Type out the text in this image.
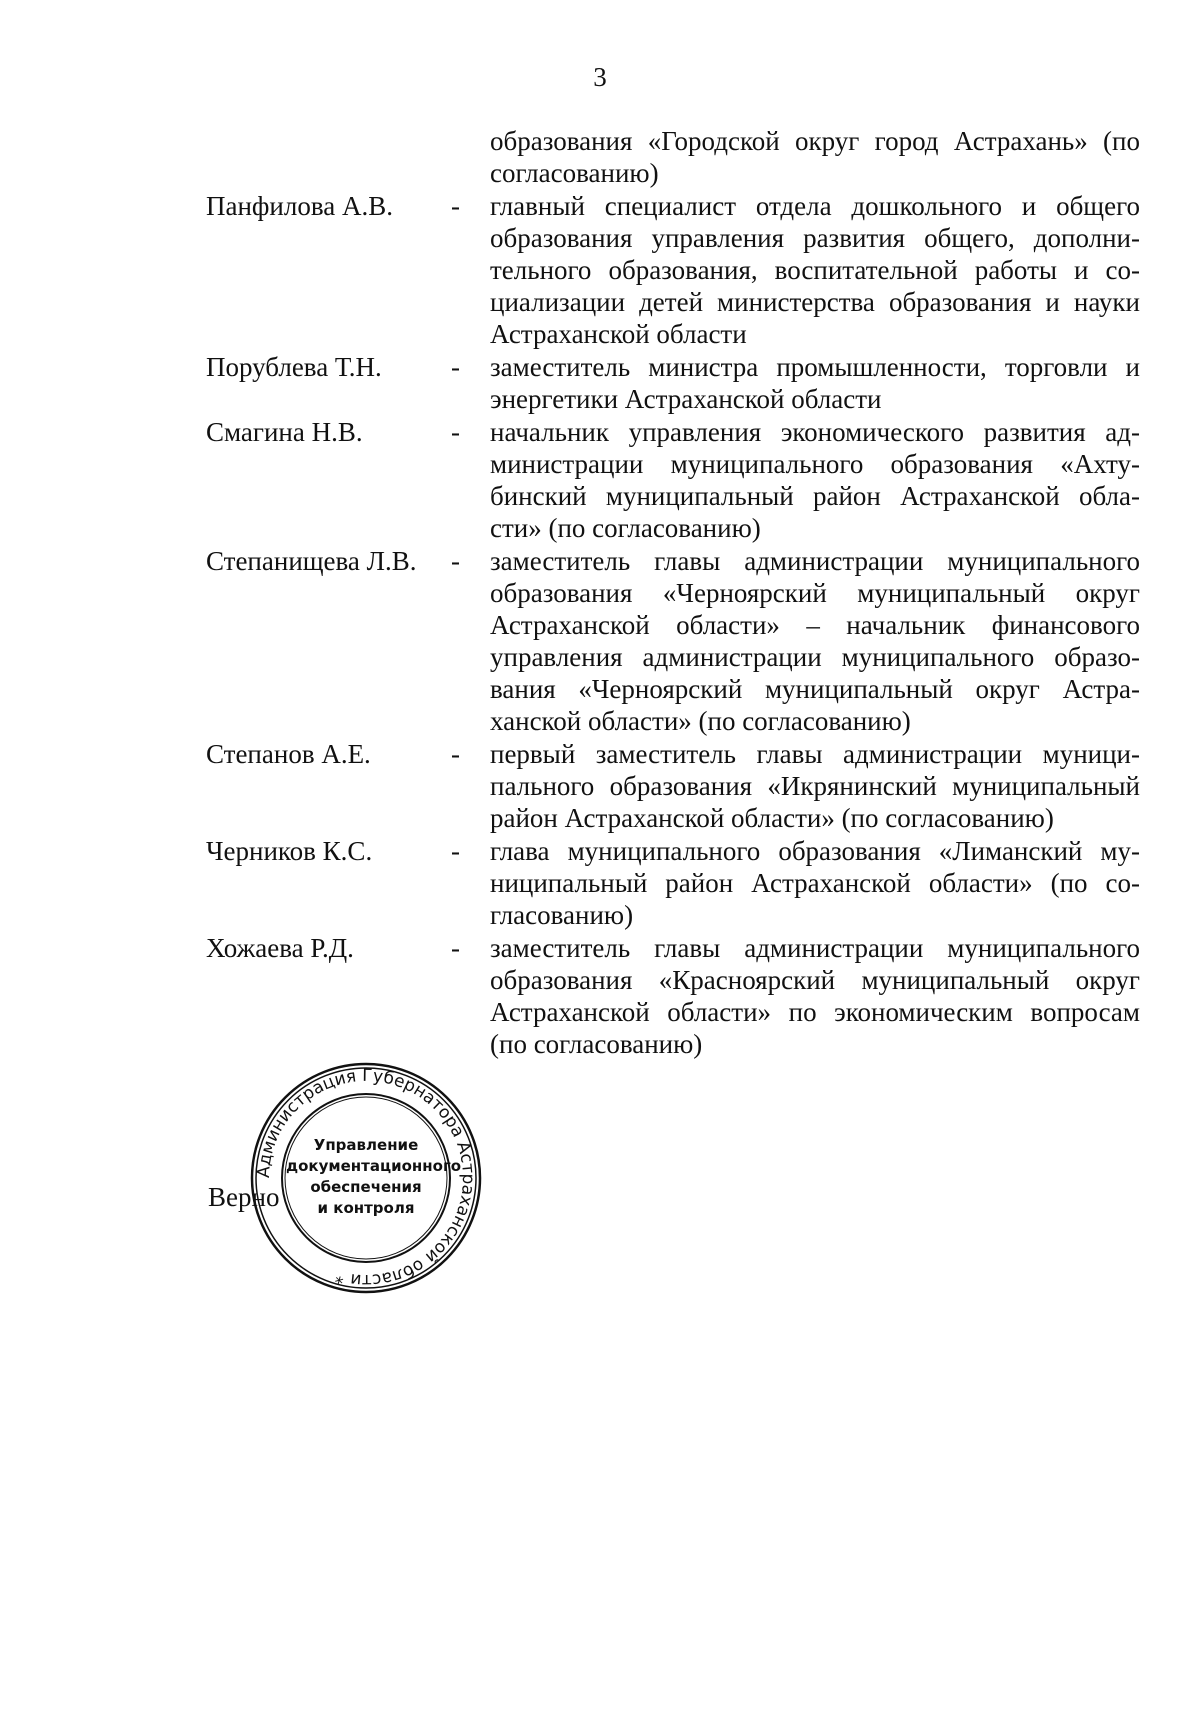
3
образования «Городской округ город Астрахань» (по согласованию)
Панфилова А.В.	-	главный специалист отдела дошкольного и общего образования управления развития общего, дополни-тельного образования, воспитательной работы и со-циализации детей министерства образования и науки Астраханской области
Порублева Т.Н.	-	заместитель министра промышленности, торговли и энергетики Астраханской области
Смагина Н.В.	-	начальник управления экономического развития ад-министрации муниципального образования «Ахту-бинский муниципальный район Астраханской обла-сти» (по согласованию)
Степанищева Л.В.	-	заместитель главы администрации муниципального образования «Черноярский муниципальный округ Астраханской области» – начальник финансового управления администрации муниципального образо-вания «Черноярский муниципальный округ Астра-ханской области» (по согласованию)
Степанов А.Е.	-	первый заместитель главы администрации муници-пального образования «Икрянинский муниципальный район Астраханской области» (по согласованию)
Черников К.С.	-	глава муниципального образования «Лиманский му-ниципальный район Астраханской области» (по со-гласованию)
Хожаева Р.Д.	-	заместитель главы администрации муниципального образования «Красноярский муниципальный округ Астраханской области» по экономическим вопросам (по согласованию)
Верно
Администрация Губернатора Астраханской области *
Управление
документационного
обеспечения
и контроля
